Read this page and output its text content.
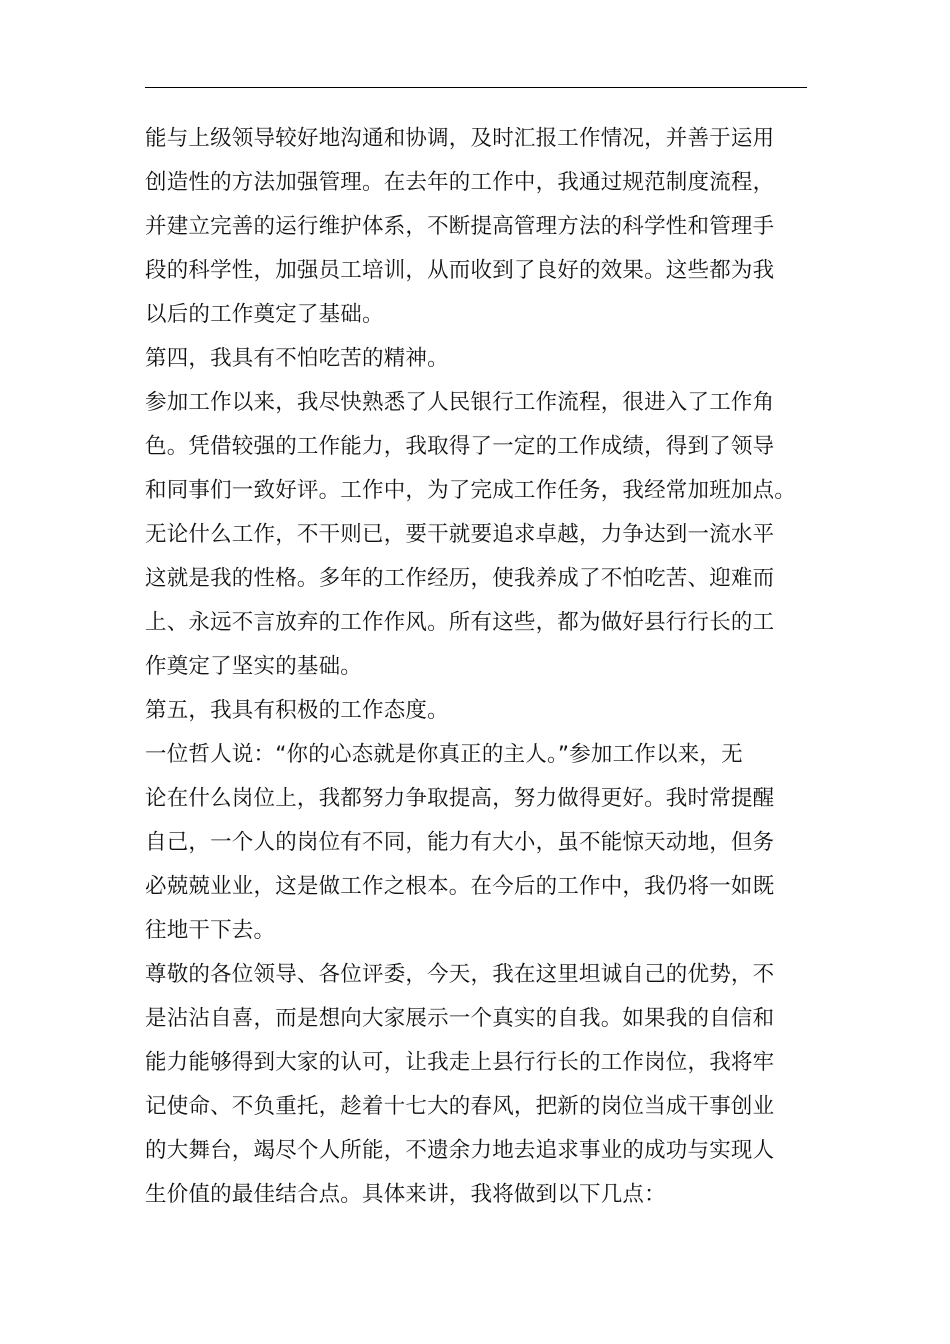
能与上级领导较好地沟通和协调，及时汇报工作情况，并善于运用
创造性的方法加强管理。在去年的工作中，我通过规范制度流程，
并建立完善的运行维护体系，不断提高管理方法的科学性和管理手
段的科学性，加强员工培训，从而收到了良好的效果。这些都为我
以后的工作奠定了基础。
第四，我具有不怕吃苦的精神。
参加工作以来，我尽快熟悉了人民银行工作流程，很进入了工作角
色。凭借较强的工作能力，我取得了一定的工作成绩，得到了领导
和同事们一致好评。工作中，为了完成工作任务，我经常加班加点。
无论什么工作，不干则已，要干就要追求卓越，力争达到一流水平
这就是我的性格。多年的工作经历，使我养成了不怕吃苦、迎难而
上、永远不言放弃的工作作风。所有这些，都为做好县行行长的工
作奠定了坚实的基础。
第五，我具有积极的工作态度。
一位哲人说：“你的心态就是你真正的主人。”参加工作以来，无
论在什么岗位上，我都努力争取提高，努力做得更好。我时常提醒
自己，一个人的岗位有不同，能力有大小，虽不能惊天动地，但务
必兢兢业业，这是做工作之根本。在今后的工作中，我仍将一如既
往地干下去。
尊敬的各位领导、各位评委，今天，我在这里坦诚自己的优势，不
是沾沾自喜，而是想向大家展示一个真实的自我。如果我的自信和
能力能够得到大家的认可，让我走上县行行长的工作岗位，我将牢
记使命、不负重托，趁着十七大的春风，把新的岗位当成干事创业
的大舞台，竭尽个人所能，不遗余力地去追求事业的成功与实现人
生价值的最佳结合点。具体来讲，我将做到以下几点：
